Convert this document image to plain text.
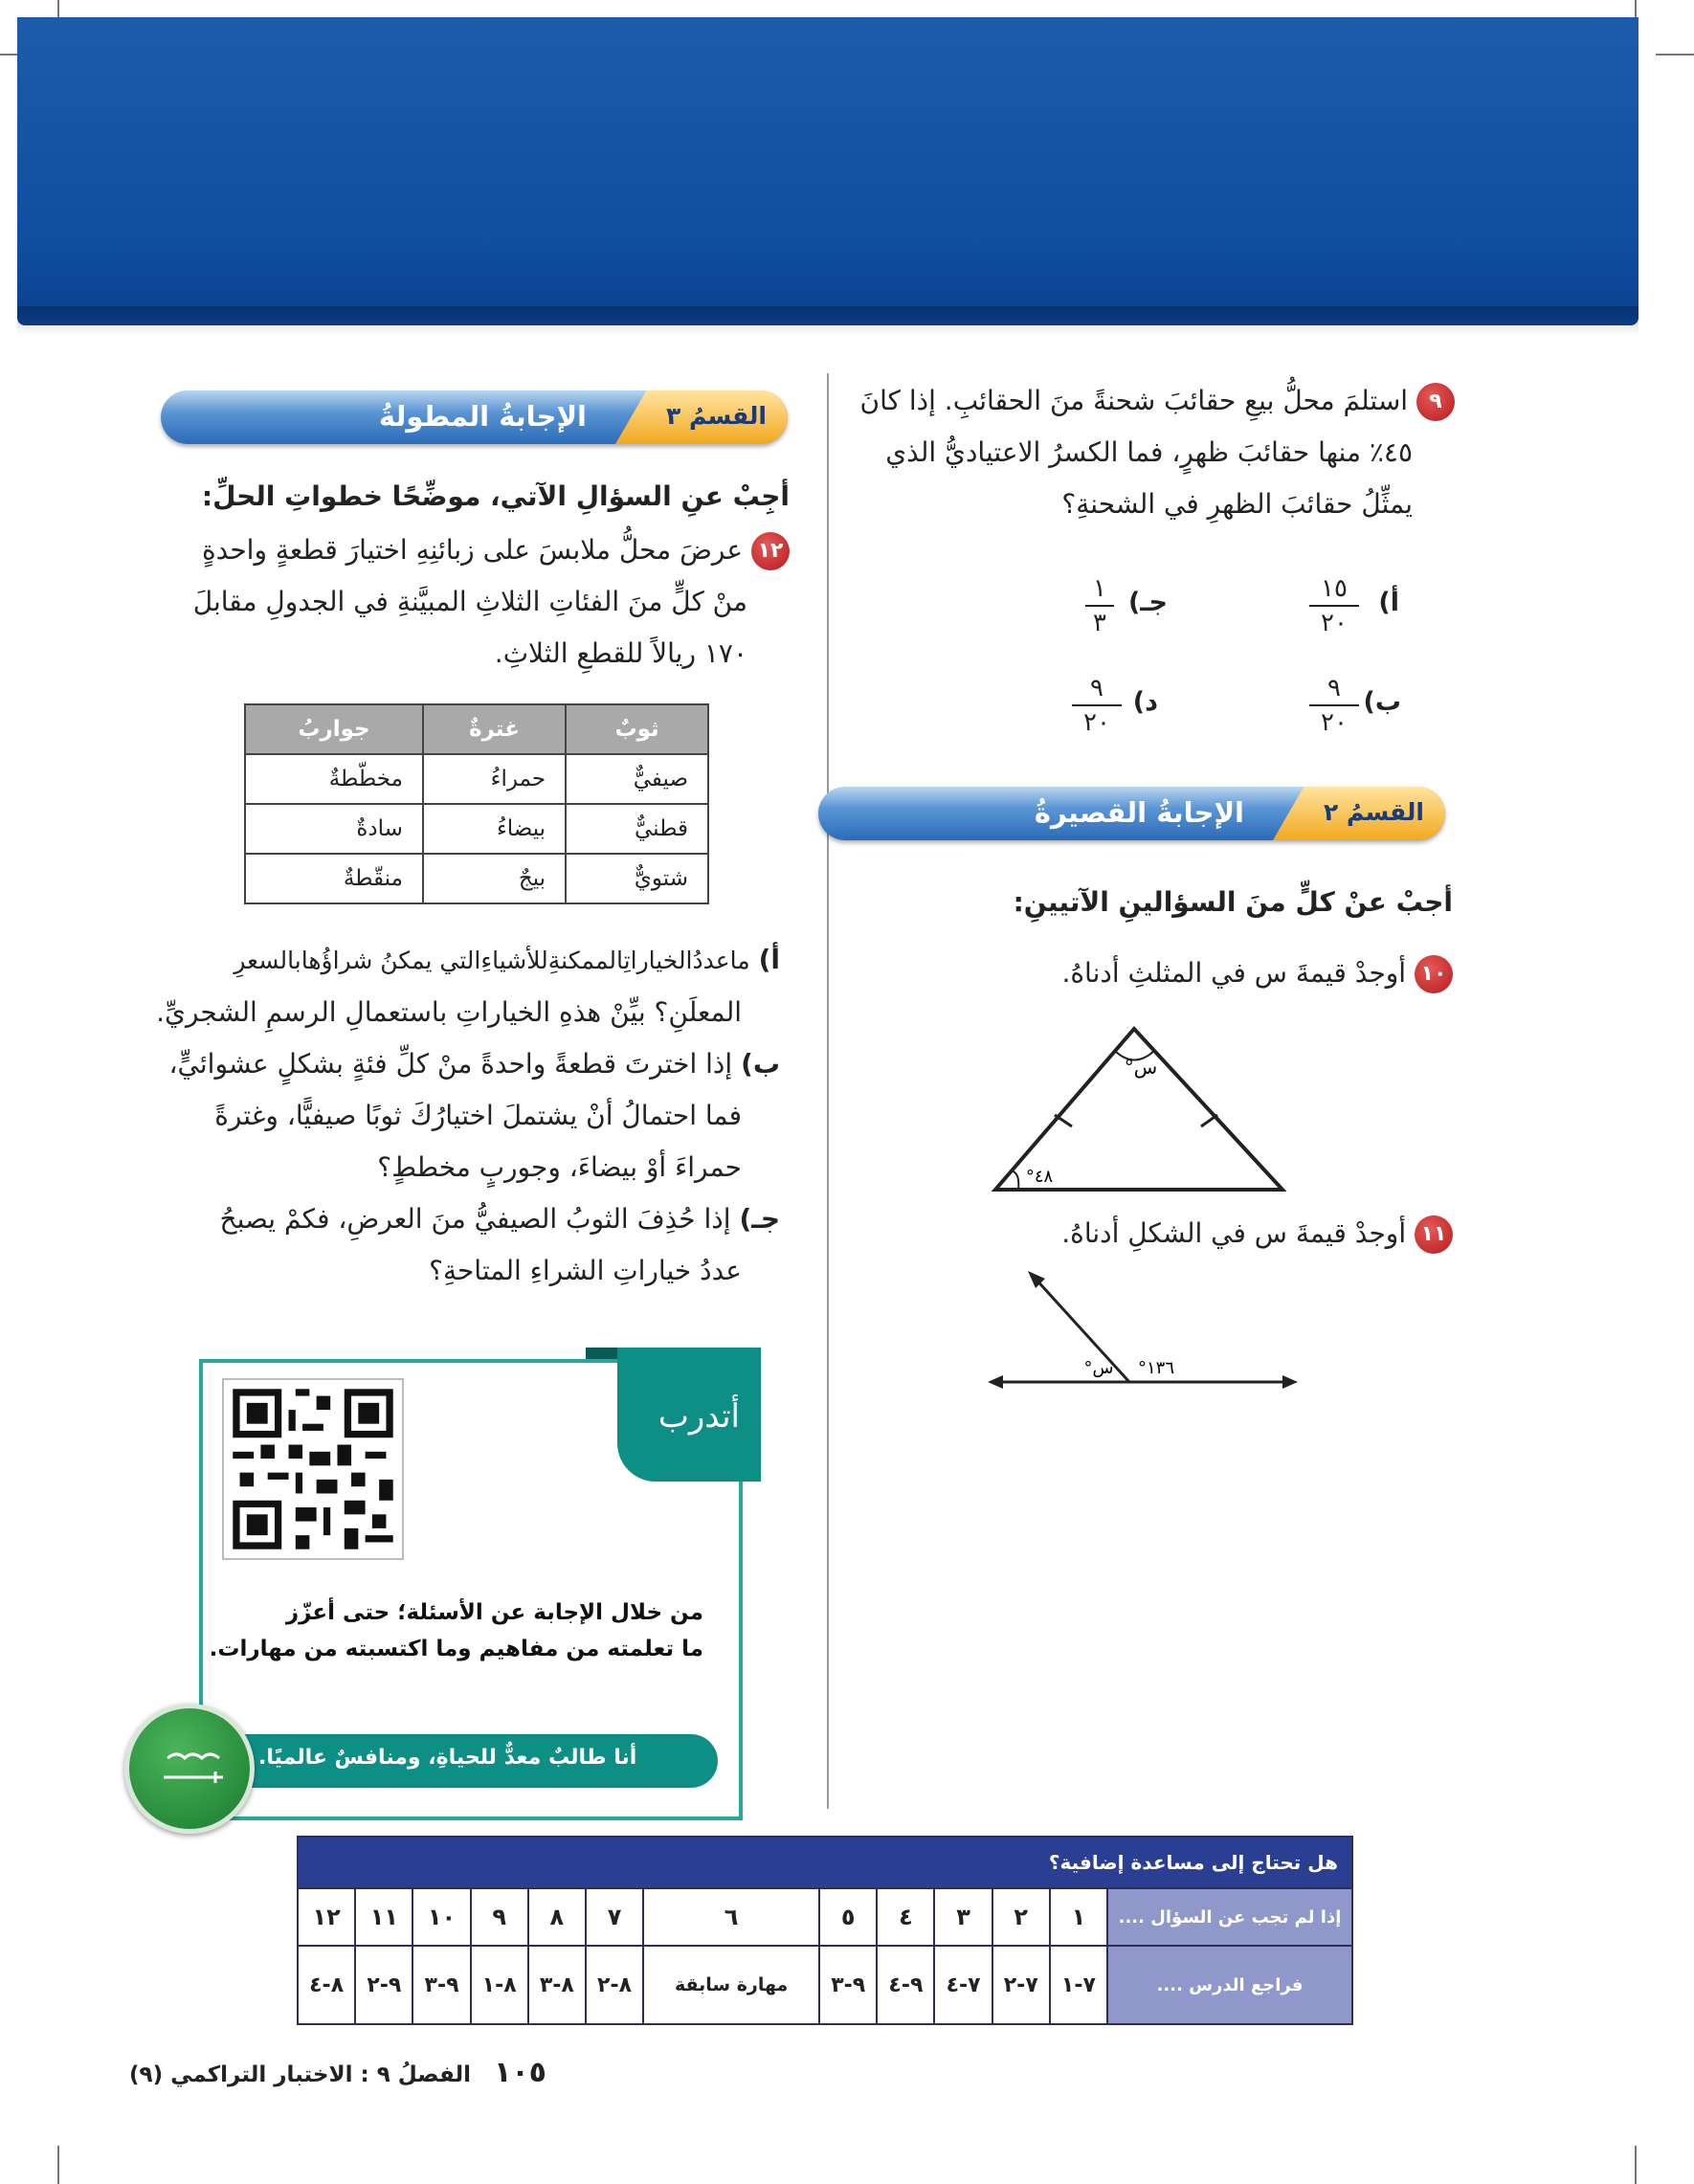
٩ استلمَ محلُّ بيعِ حقائبَ شحنةً منَ الحقائبِ. إذا كانَ
٤٥٪ منها حقائبَ ظهرٍ، فما الكسرُ الاعتياديُّ الذي
يمثِّلُ حقائبَ الظهرِ في الشحنةِ؟
أ)
١٥
٢٠
جـ)
١
٣
ب)
٩
٢٠
د)
٩
٢٠
القسمُ ٢
الإجابةُ القصيرةُ
أجبْ عنْ كلٍّ منَ السؤالينِ الآتيينِ:
١٠ أوجدْ قيمةَ س في المثلثِ أدناهُ.
س°
٤٨°
١١ أوجدْ قيمةَ س في الشكلِ أدناهُ.
س° ١٣٦°
القسمُ ٣
الإجابةُ المطولةُ
أجِبْ عنِ السؤالِ الآتي، موضِّحًا خطواتِ الحلِّ:
١٢ عرضَ محلُّ ملابسَ على زبائنِهِ اختيارَ قطعةٍ واحدةٍ
منْ كلٍّ منَ الفئاتِ الثلاثِ المبيَّنةِ في الجدولِ مقابلَ
١٧٠ ريالاً للقطعِ الثلاثِ.
ثوبٌ	غترةٌ	جواربُ
صيفيٌّ	حمراءُ	مخطّطةٌ
قطنيٌّ	بيضاءُ	سادةٌ
شتويٌّ	بيجٌ	منقّطةٌ
أ) ماعددُالخياراتِالممكنةِللأشياءِالتي يمكنُ شراؤُهابالسعرِ
المعلَنِ؟ بيِّنْ هذهِ الخياراتِ باستعمالِ الرسمِ الشجريِّ.
ب) إذا اخترتَ قطعةً واحدةً منْ كلِّ فئةٍ بشكلٍ عشوائيٍّ،
فما احتمالُ أنْ يشتملَ اختيارُكَ ثوبًا صيفيًّا، وغترةً
حمراءَ أوْ بيضاءَ، وجوربٍ مخططٍ؟
جـ) إذا حُذِفَ الثوبُ الصيفيُّ منَ العرضِ، فكمْ يصبحُ
عددُ خياراتِ الشراءِ المتاحةِ؟
أتدرب
من خلال الإجابة عن الأسئلة؛ حتى أعزّز
ما تعلمته من مفاهيم وما اكتسبته من مهارات.
أنا طالبٌ معدٌّ للحياةِ، ومنافسٌ عالميًا.
هل تحتاج إلى مساعدة إضافية؟												
إذا لم تجب عن السؤال ....	١	٢	٣	٤	٥	٦	٧	٨	٩	١٠	١١	١٢
فراجع الدرس ....	٧-١	٧-٢	٧-٤	٩-٤	٩-٣	مهارة سابقة	٨-٢	٨-٣	٨-١	٩-٣	٩-٢	٨-٤
١٠٥ الفصلُ ٩ : الاختبار التراكمي (٩)
